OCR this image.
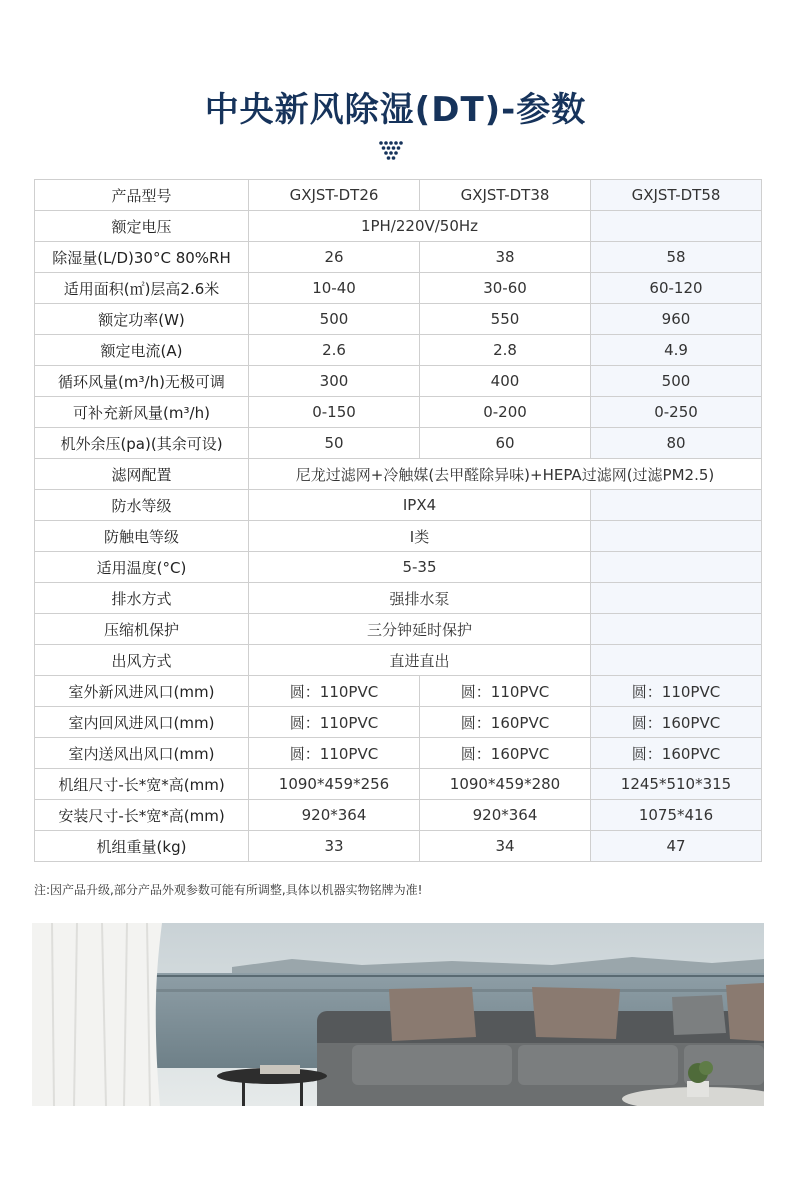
中央新风除湿(DT)-参数
产品型号	GXJST-DT26	GXJST-DT38	GXJST-DT58
额定电压	1PH/220V/50Hz		
除湿量(L/D)30°C 80%RH	26	38	58
适用面积(㎡)层高2.6米	10-40	30-60	60-120
额定功率(W)	500	550	960
额定电流(A)	2.6	2.8	4.9
循环风量(m³/h)无极可调	300	400	500
可补充新风量(m³/h)	0-150	0-200	0-250
机外余压(pa)(其余可设)	50	60	80
滤网配置	尼龙过滤网+冷触媒(去甲醛除异味)+HEPA过滤网(过滤PM2.5)		
防水等级	IPX4		
防触电等级	I类		
适用温度(°C)	5-35		
排水方式	强排水泵		
压缩机保护	三分钟延时保护		
出风方式	直进直出		
室外新风进风口(mm)	圆：110PVC	圆：110PVC	圆：110PVC
室内回风进风口(mm)	圆：110PVC	圆：160PVC	圆：160PVC
室内送风出风口(mm)	圆：110PVC	圆：160PVC	圆：160PVC
机组尺寸-长*宽*高(mm)	1090*459*256	1090*459*280	1245*510*315
安装尺寸-长*宽*高(mm)	920*364	920*364	1075*416
机组重量(kg)	33	34	47
注:因产品升级,部分产品外观参数可能有所调整,具体以机器实物铭牌为准!
